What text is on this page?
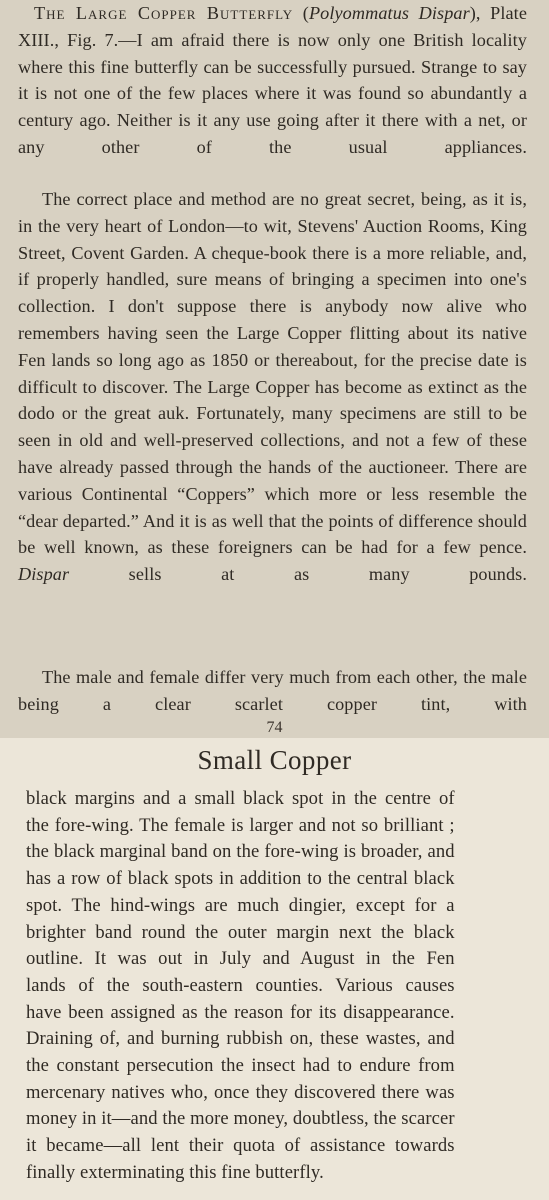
The Large Copper Butterfly (Polyommatus Dispar), Plate XIII., Fig. 7.—I am afraid there is now only one British locality where this fine butterfly can be successfully pursued. Strange to say it is not one of the few places where it was found so abundantly a century ago. Neither is it any use going after it there with a net, or any other of the usual appliances.

The correct place and method are no great secret, being, as it is, in the very heart of London—to wit, Stevens' Auction Rooms, King Street, Covent Garden. A cheque-book there is a more reliable, and, if properly handled, sure means of bringing a specimen into one's collection. I don't suppose there is anybody now alive who remembers having seen the Large Copper flitting about its native Fen lands so long ago as 1850 or thereabout, for the precise date is difficult to discover. The Large Copper has become as extinct as the dodo or the great auk. Fortunately, many specimens are still to be seen in old and well-preserved collections, and not a few of these have already passed through the hands of the auctioneer. There are various Continental “Coppers” which more or less resemble the “dear departed.” And it is as well that the points of difference should be well known, as these foreigners can be had for a few pence. Dispar sells at as many pounds.

The male and female differ very much from each other, the male being a clear scarlet copper tint, with

74
Small Copper
black margins and a small black spot in the centre of
the fore-wing. The female is larger and not so brilliant ;
the black marginal band on the fore-wing is broader, and
has a row of black spots in addition to the central black
spot. The hind-wings are much dingier, except for a
brighter band round the outer margin next the black
outline. It was out in July and August in the Fen
lands of the south-eastern counties. Various causes
have been assigned as the reason for its disappearance.
Draining of, and burning rubbish on, these wastes, and
the constant persecution the insect had to endure from
mercenary natives who, once they discovered there was
money in it—and the more money, doubtless, the scarcer
it became—all lent their quota of assistance towards
finally exterminating this fine butterfly.
